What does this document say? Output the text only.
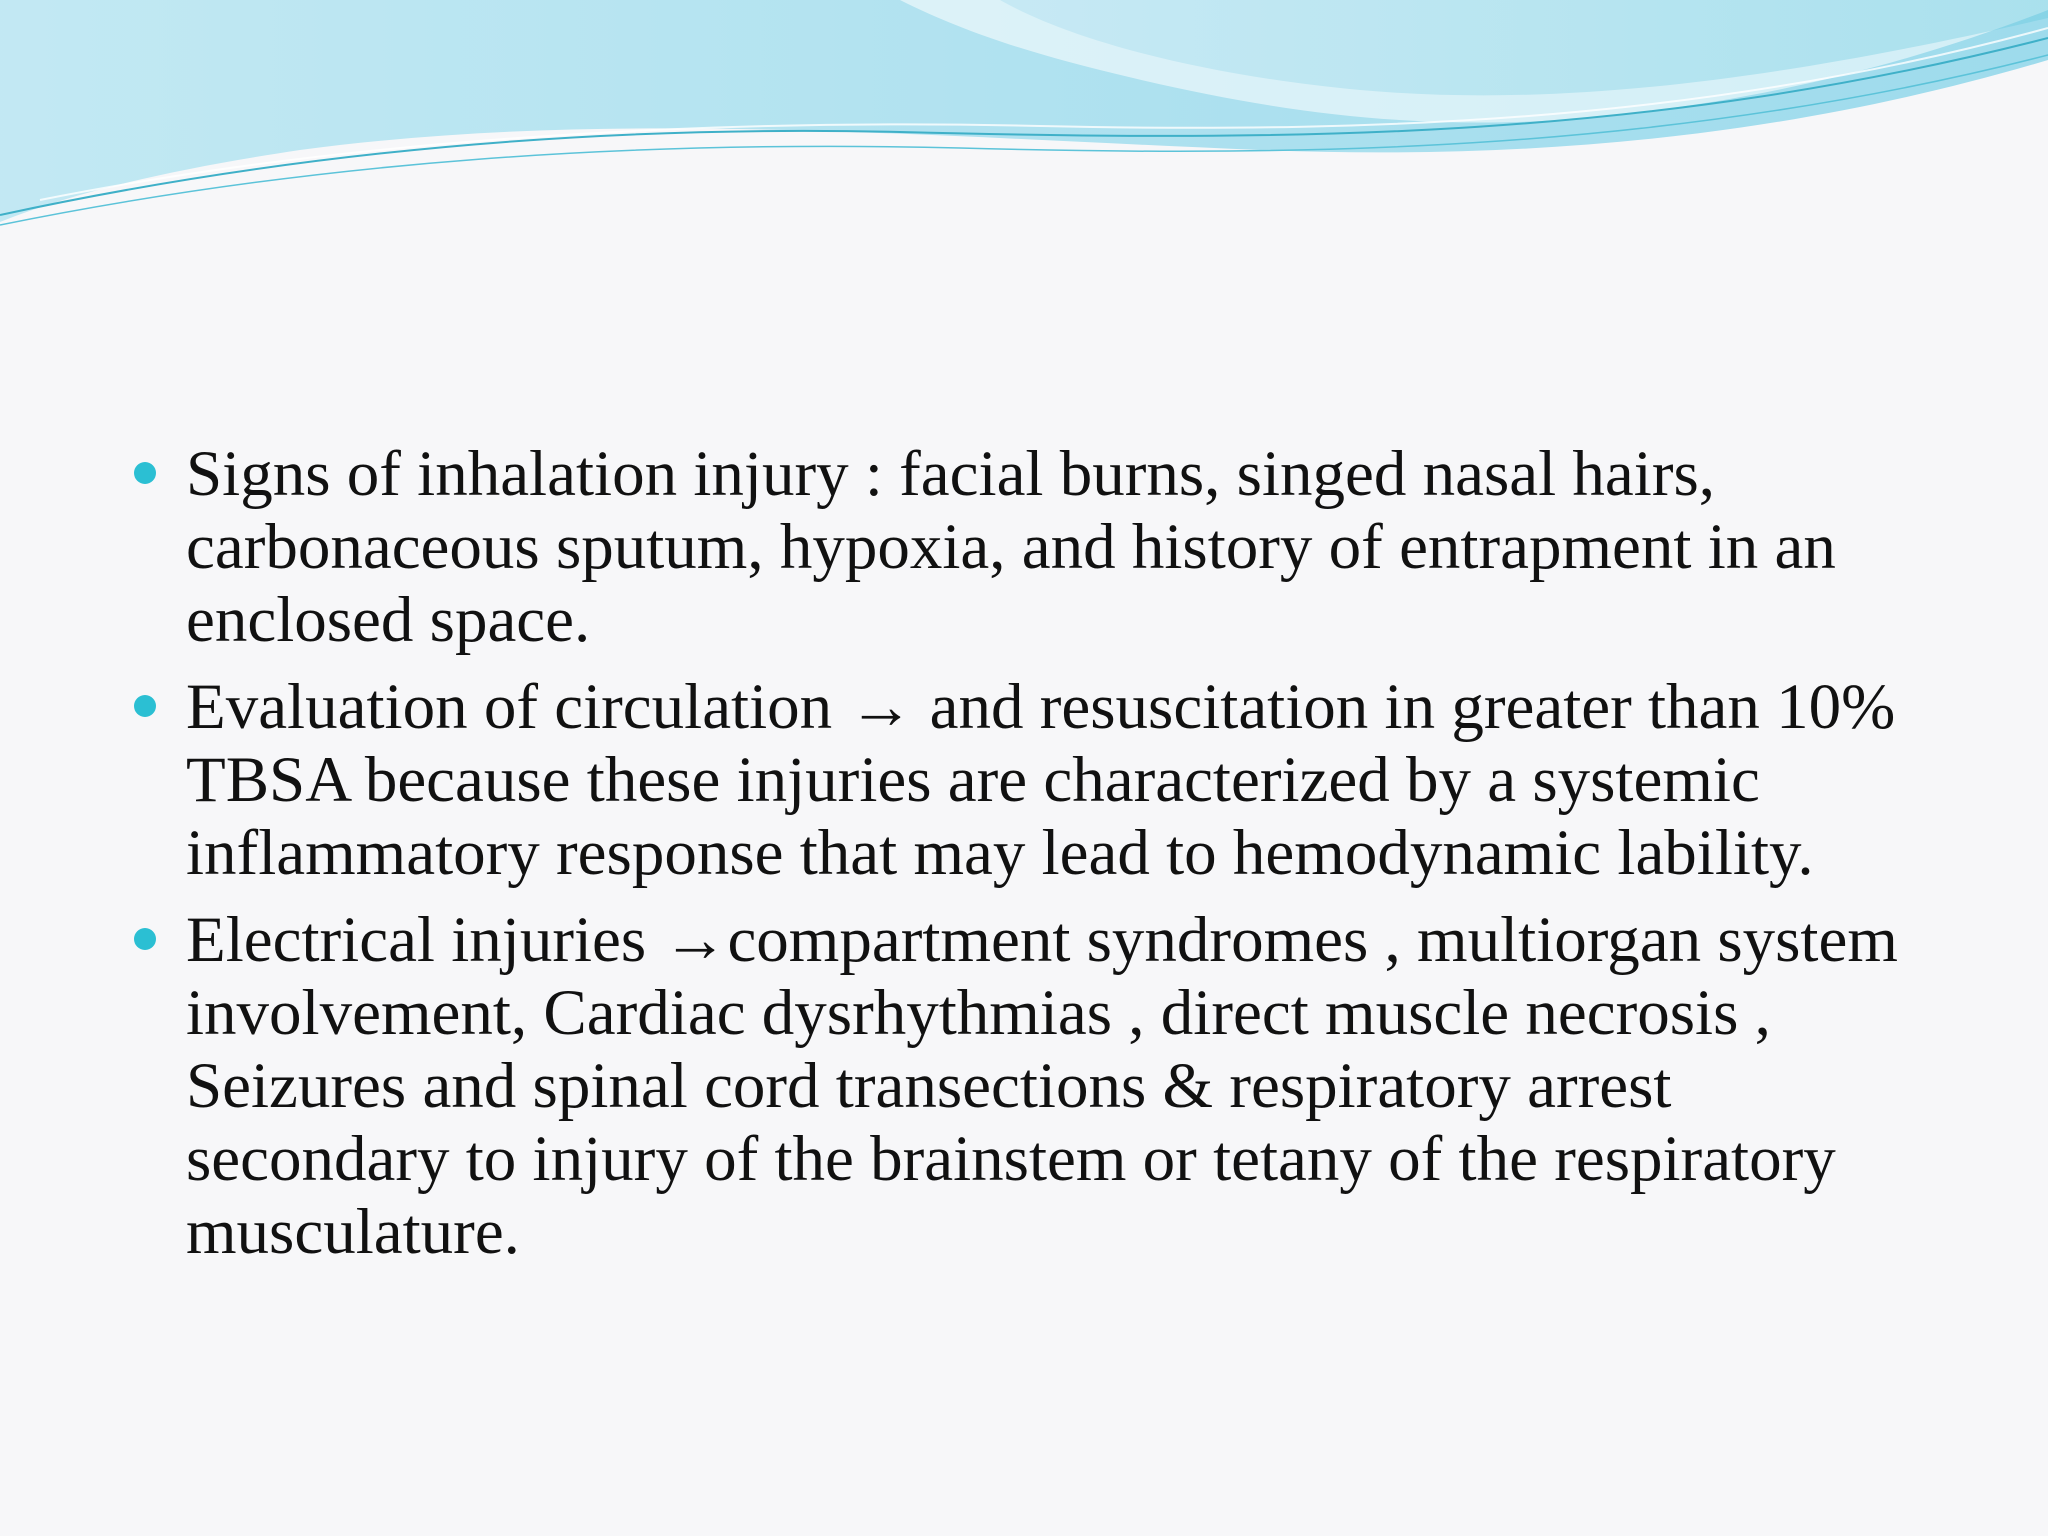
Signs of inhalation injury : facial burns, singed nasal hairs, carbonaceous sputum, hypoxia, and history of entrapment in an enclosed space.
Evaluation of circulation → and resuscitation in greater than 10% TBSA because these injuries are characterized by a systemic inflammatory response that may lead to hemodynamic lability.
Electrical injuries →compartment syndromes , multiorgan system involvement, Cardiac dysrhythmias , direct muscle necrosis , Seizures and spinal cord transections & respiratory arrest secondary to injury of the brainstem or tetany of the respiratory musculature.
